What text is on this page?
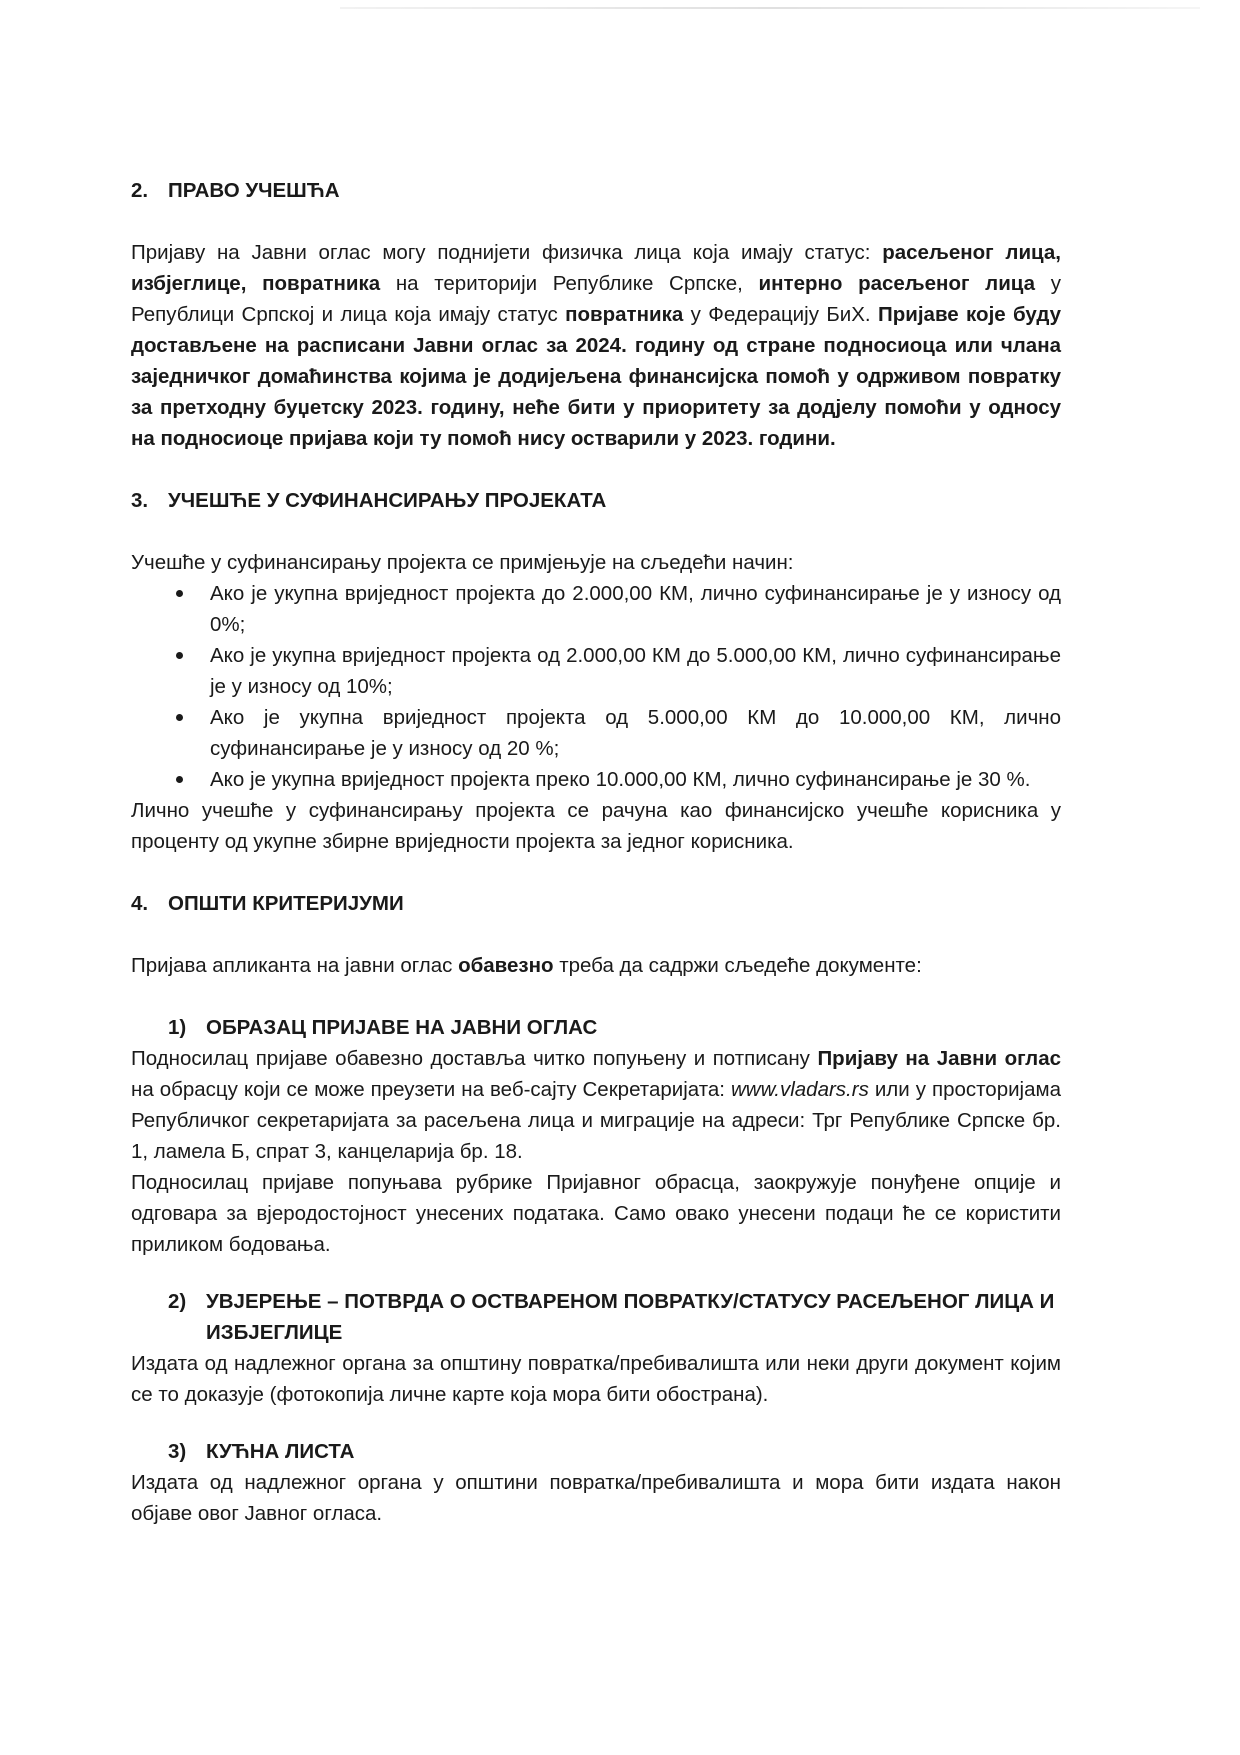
2. ПРАВО УЧЕШЋА

Пријаву на Јавни оглас могу поднијети физичка лица која имају статус: расељеног лица, избјеглице, повратника на територији Републике Српске, интерно расељеног лица у Републици Српској и лица која имају статус повратника у Федерацију БиХ. Пријаве које буду достављене на расписани Јавни оглас за 2024. годину од стране подносиоца или члана заједничког домаћинства којима је додијељена финансијска помоћ у одрживом повратку за претходну буџетску 2023. годину, неће бити у приоритету за додјелу помоћи у односу на подносиоце пријава који ту помоћ нису остварили у 2023. години.

3. УЧЕШЋЕ У СУФИНАНСИРАЊУ ПРОЈЕКАТА

Учешће у суфинансирању пројекта се примјењује на сљедећи начин:

Ако је укупна вриједност пројекта до 2.000,00 КМ, лично суфинансирање је у износу од 0%;
Ако је укупна вриједност пројекта од 2.000,00 КМ до 5.000,00 КМ, лично суфинансирање је у износу од 10%;
Ако је укупна вриједност пројекта од 5.000,00 КМ до 10.000,00 КМ, лично суфинансирање је у износу од 20 %;
Ако је укупна вриједност пројекта преко 10.000,00 КМ, лично суфинансирање је 30 %.

Лично учешће у суфинансирању пројекта се рачуна као финансијско учешће корисника у проценту од укупне збирне вриједности пројекта за једног корисника.

4. ОПШТИ КРИТЕРИЈУМИ

Пријава апликанта на јавни оглас обавезно треба да садржи сљедеће документе:

1) ОБРАЗАЦ ПРИЈАВЕ НА ЈАВНИ ОГЛАС

Подносилац пријаве обавезно доставља читко попуњену и потписану Пријаву на Јавни оглас на обрасцу који се може преузети на веб-сајту Секретаријата: www.vladars.rs или у просторијама Републичког секретаријата за расељена лица и миграције на адреси: Трг Републике Српске бр. 1, ламела Б, спрат 3, канцеларија бр. 18.

Подносилац пријаве попуњава рубрике Пријавног обрасца, заокружује понуђене опције и одговара за вјеродостојност унесених података. Само овако унесени подаци ће се користити приликом бодовања.

2) УВЈЕРЕЊЕ – ПОТВРДА О ОСТВАРЕНОМ ПОВРАТКУ/СТАТУСУ РАСЕЉЕНОГ ЛИЦА И ИЗБЈЕГЛИЦЕ

Издата од надлежног органа за општину повратка/пребивалишта или неки други документ којим се то доказује (фотокопија личне карте која мора бити обострана).

3) КУЋНА ЛИСТА

Издата од надлежног органа у општини повратка/пребивалишта и мора бити издата након објаве овог Јавног огласа.
